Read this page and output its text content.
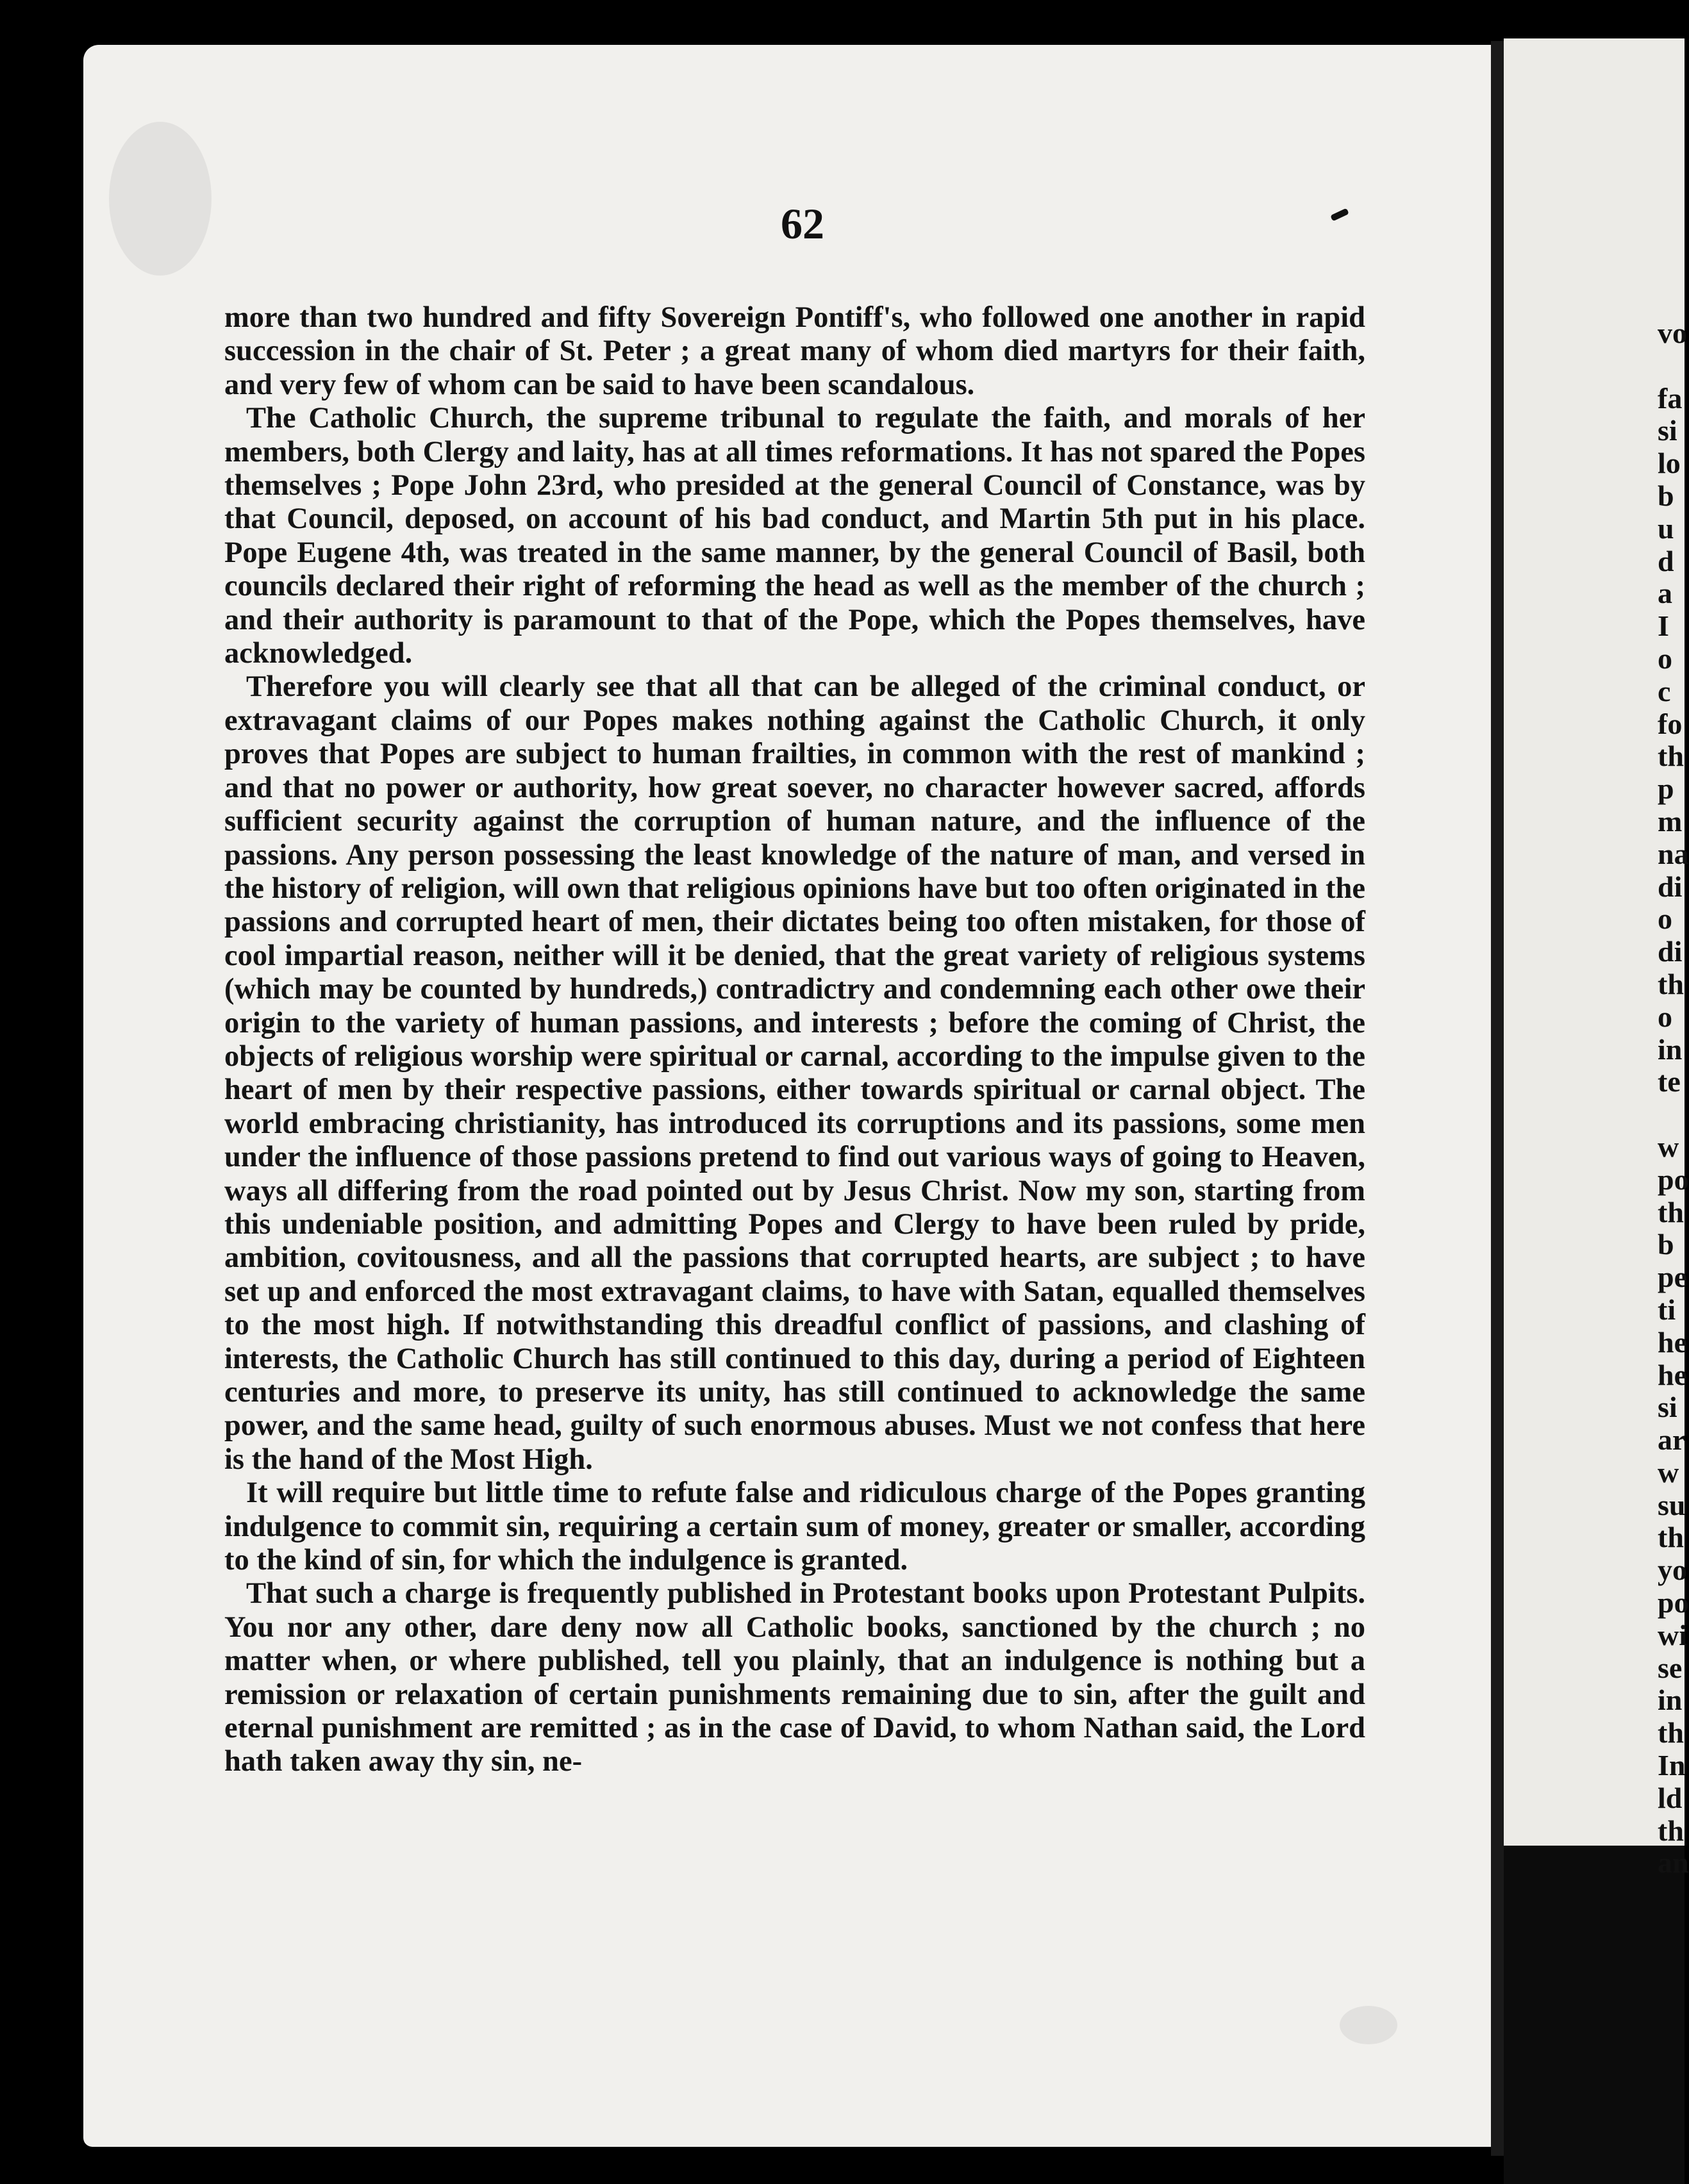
vo

fa
si
lo
b
u
d
a
I
o
c
fo
th
p
m
na
di
o
di
th
o
in
te

w
po
th
b
pe
ti
he
he
si
ar
w
su
th
yo
po
wi
se
in
th
In
ld
th
an
62

more than two hundred and fifty Sovereign Pontiff's, who followed one another in rapid succession in the chair of St. Peter ; a great many of whom died martyrs for their faith, and very few of whom can be said to have been scandalous.

The Catholic Church, the supreme tribunal to regulate the faith, and morals of her members, both Clergy and laity, has at all times reformations. It has not spared the Popes themselves ; Pope John 23rd, who presided at the general Council of Constance, was by that Council, deposed, on account of his bad conduct, and Martin 5th put in his place. Pope Eugene 4th, was treated in the same manner, by the general Council of Basil, both councils declared their right of reforming the head as well as the member of the church ; and their authority is paramount to that of the Pope, which the Popes themselves, have acknowledged.

Therefore you will clearly see that all that can be alleged of the criminal conduct, or extravagant claims of our Popes makes nothing against the Catholic Church, it only proves that Popes are subject to human frailties, in common with the rest of mankind ; and that no power or authority, how great soever, no character however sacred, affords sufficient security against the corruption of human nature, and the influence of the passions. Any person possessing the least knowledge of the nature of man, and versed in the history of religion, will own that religious opinions have but too often originated in the passions and corrupted heart of men, their dictates being too often mistaken, for those of cool impartial reason, neither will it be denied, that the great variety of religious systems (which may be counted by hundreds,) contradictry and condemning each other owe their origin to the variety of human passions, and interests ; before the coming of Christ, the objects of religious worship were spiritual or carnal, according to the impulse given to the heart of men by their respective passions, either towards spiritual or carnal object. The world embracing christianity, has introduced its corruptions and its passions, some men under the influence of those passions pretend to find out various ways of going to Heaven, ways all differing from the road pointed out by Jesus Christ. Now my son, starting from this undeniable position, and admitting Popes and Clergy to have been ruled by pride, ambition, covitousness, and all the passions that corrupted hearts, are subject ; to have set up and enforced the most extravagant claims, to have with Satan, equalled themselves to the most high. If notwithstanding this dreadful conflict of passions, and clashing of interests, the Catholic Church has still continued to this day, during a period of Eighteen centuries and more, to preserve its unity, has still continued to acknowledge the same power, and the same head, guilty of such enormous abuses. Must we not confess that here is the hand of the Most High.

It will require but little time to refute false and ridiculous charge of the Popes granting indulgence to commit sin, requiring a certain sum of money, greater or smaller, according to the kind of sin, for which the indulgence is granted.

That such a charge is frequently published in Protestant books upon Protestant Pulpits. You nor any other, dare deny now all Catholic books, sanctioned by the church ; no matter when, or where published, tell you plainly, that an indulgence is nothing but a remission or relaxation of certain punishments remaining due to sin, after the guilt and eternal punishment are remitted ; as in the case of David, to whom Nathan said, the Lord hath taken away thy sin, ne-
